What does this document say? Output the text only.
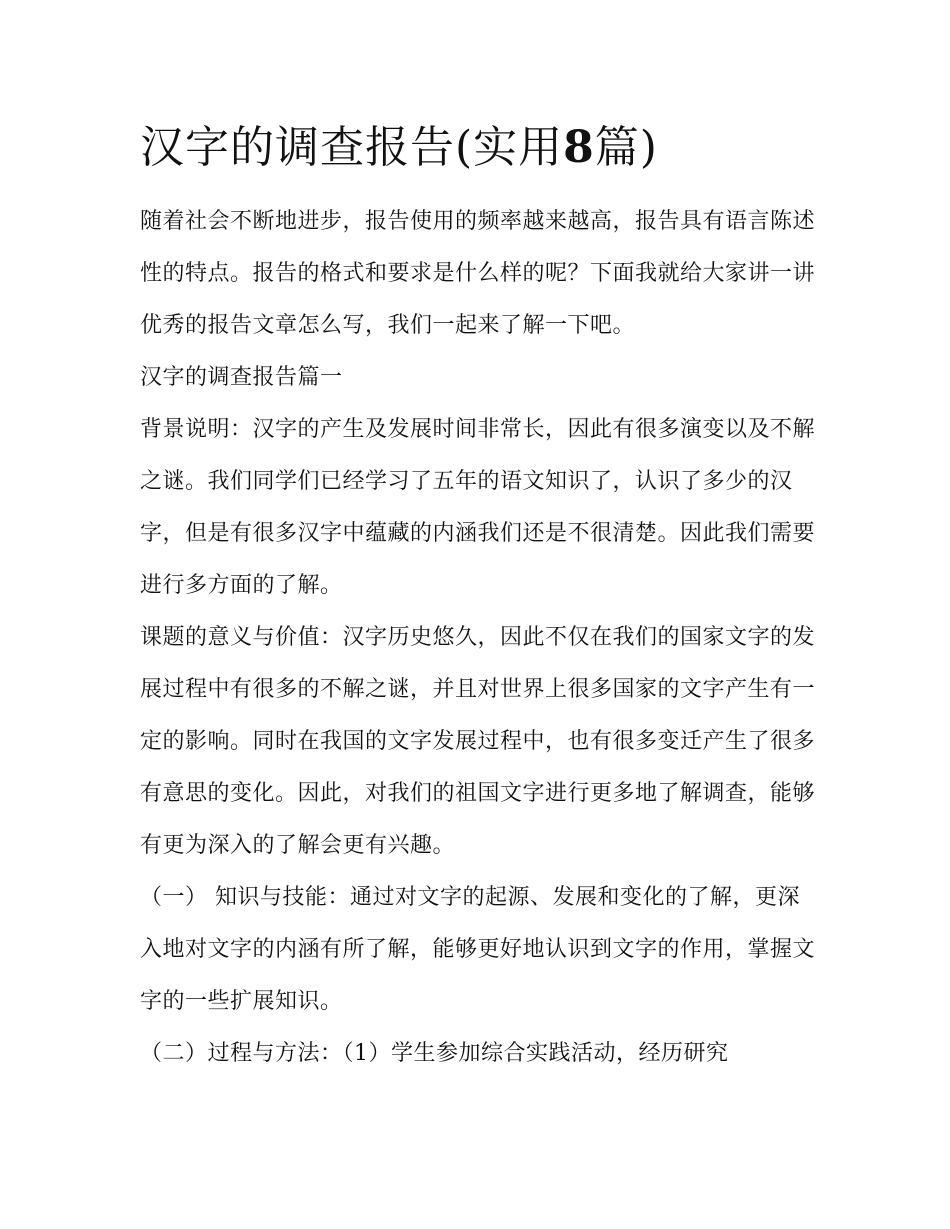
汉字的调查报告(实用8篇)

随着社会不断地进步，报告使用的频率越来越高，报告具有语言陈述性的特点。报告的格式和要求是什么样的呢？下面我就给大家讲一讲优秀的报告文章怎么写，我们一起来了解一下吧。

汉字的调查报告篇一

背景说明：汉字的产生及发展时间非常长，因此有很多演变以及不解之谜。我们同学们已经学习了五年的语文知识了，认识了多少的汉字，但是有很多汉字中蕴藏的内涵我们还是不很清楚。因此我们需要进行多方面的了解。

课题的意义与价值：汉字历史悠久，因此不仅在我们的国家文字的发展过程中有很多的不解之谜，并且对世界上很多国家的文字产生有一定的影响。同时在我国的文字发展过程中，也有很多变迁产生了很多有意思的变化。因此，对我们的祖国文字进行更多地了解调查，能够有更为深入的了解会更有兴趣。

（一） 知识与技能：通过对文字的起源、发展和变化的了解，更深入地对文字的内涵有所了解，能够更好地认识到文字的作用，掌握文字的一些扩展知识。

（二）过程与方法：（1）学生参加综合实践活动，经历研究
